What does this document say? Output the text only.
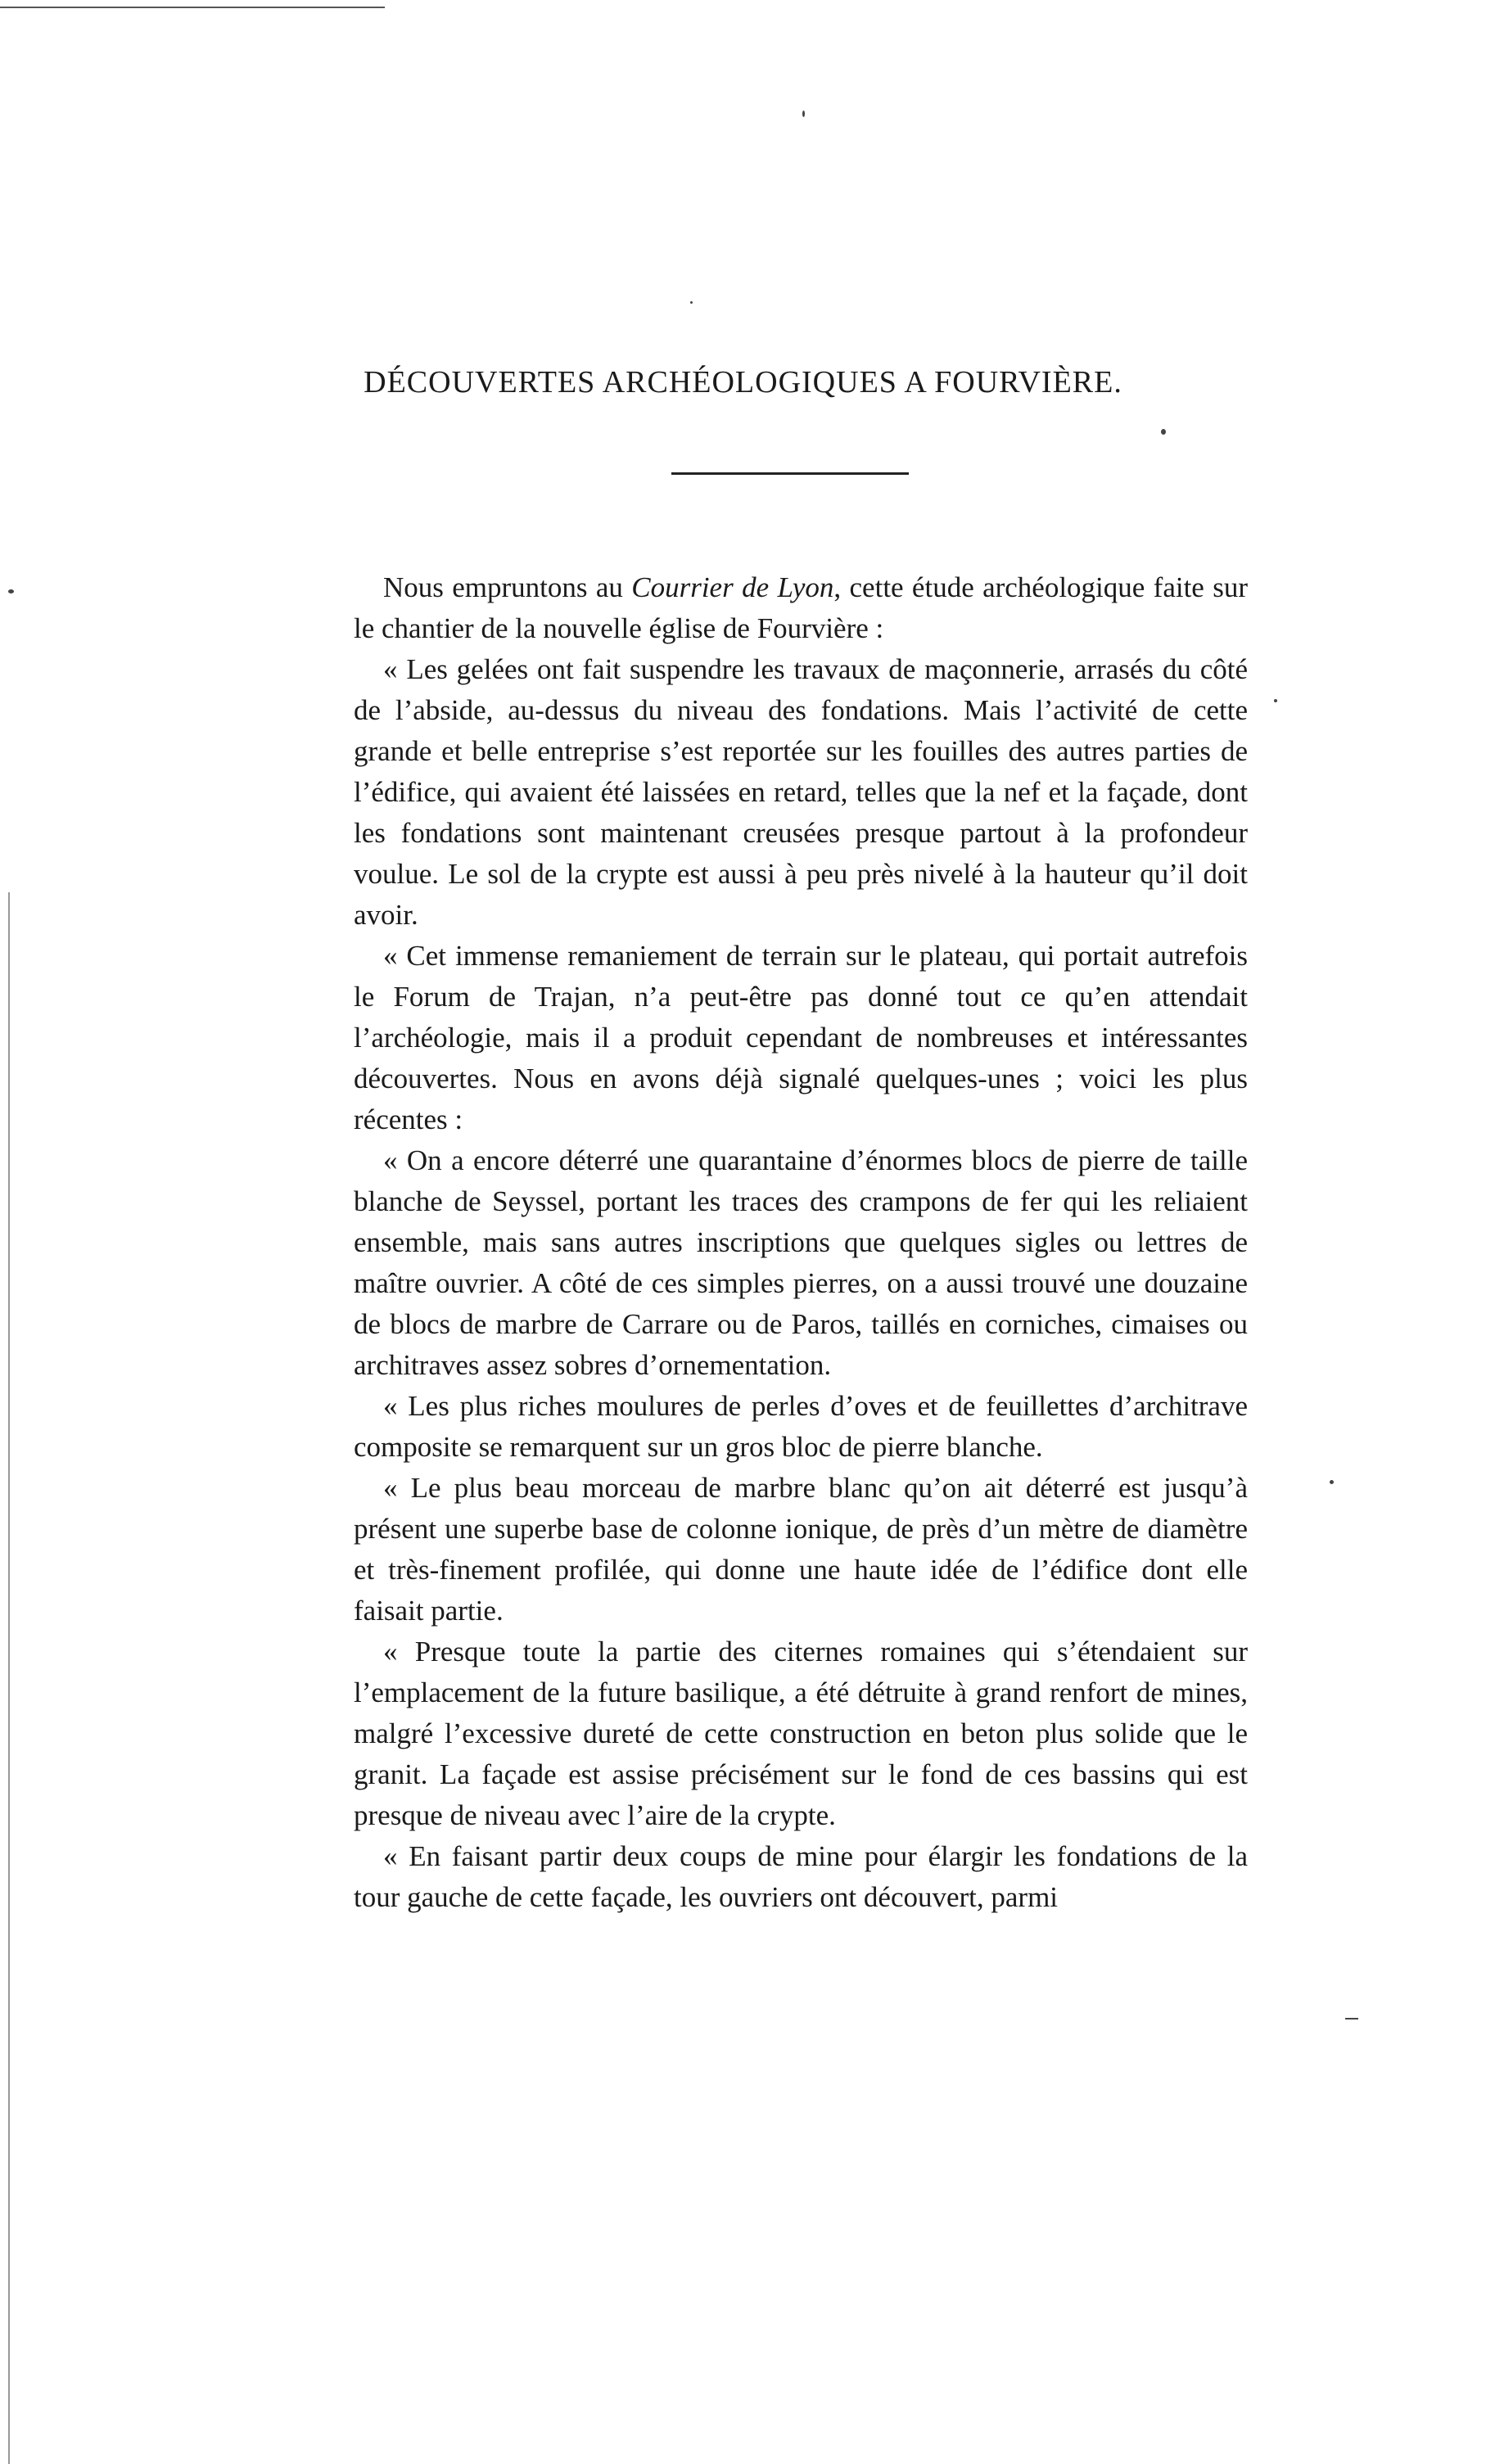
DÉCOUVERTES ARCHÉOLOGIQUES A FOURVIÈRE.

Nous empruntons au Courrier de Lyon, cette étude archéologique faite sur le chantier de la nouvelle église de Fourvière :

« Les gelées ont fait suspendre les travaux de maçonnerie, arrasés du côté de l’abside, au-dessus du niveau des fondations. Mais l’activité de cette grande et belle entreprise s’est reportée sur les fouilles des autres parties de l’édifice, qui avaient été laissées en retard, telles que la nef et la façade, dont les fondations sont maintenant creusées presque partout à la profondeur voulue. Le sol de la crypte est aussi à peu près nivelé à la hauteur qu’il doit avoir.

« Cet immense remaniement de terrain sur le plateau, qui portait autrefois le Forum de Trajan, n’a peut-être pas donné tout ce qu’en attendait l’archéologie, mais il a produit cependant de nombreuses et intéressantes découvertes. Nous en avons déjà signalé quelques-unes ; voici les plus récentes :

« On a encore déterré une quarantaine d’énormes blocs de pierre de taille blanche de Seyssel, portant les traces des crampons de fer qui les reliaient ensemble, mais sans autres inscriptions que quelques sigles ou lettres de maître ouvrier. A côté de ces simples pierres, on a aussi trouvé une douzaine de blocs de marbre de Carrare ou de Paros, taillés en corniches, cimaises ou architraves assez sobres d’ornementation.

« Les plus riches moulures de perles d’oves et de feuillettes d’architrave composite se remarquent sur un gros bloc de pierre blanche.

« Le plus beau morceau de marbre blanc qu’on ait déterré est jusqu’à présent une superbe base de colonne ionique, de près d’un mètre de diamètre et très-finement profilée, qui donne une haute idée de l’édifice dont elle faisait partie.

« Presque toute la partie des citernes romaines qui s’étendaient sur l’emplacement de la future basilique, a été détruite à grand renfort de mines, malgré l’excessive dureté de cette construction en beton plus solide que le granit. La façade est assise précisément sur le fond de ces bassins qui est presque de niveau avec l’aire de la crypte.

« En faisant partir deux coups de mine pour élargir les fondations de la tour gauche de cette façade, les ouvriers ont découvert, parmi
